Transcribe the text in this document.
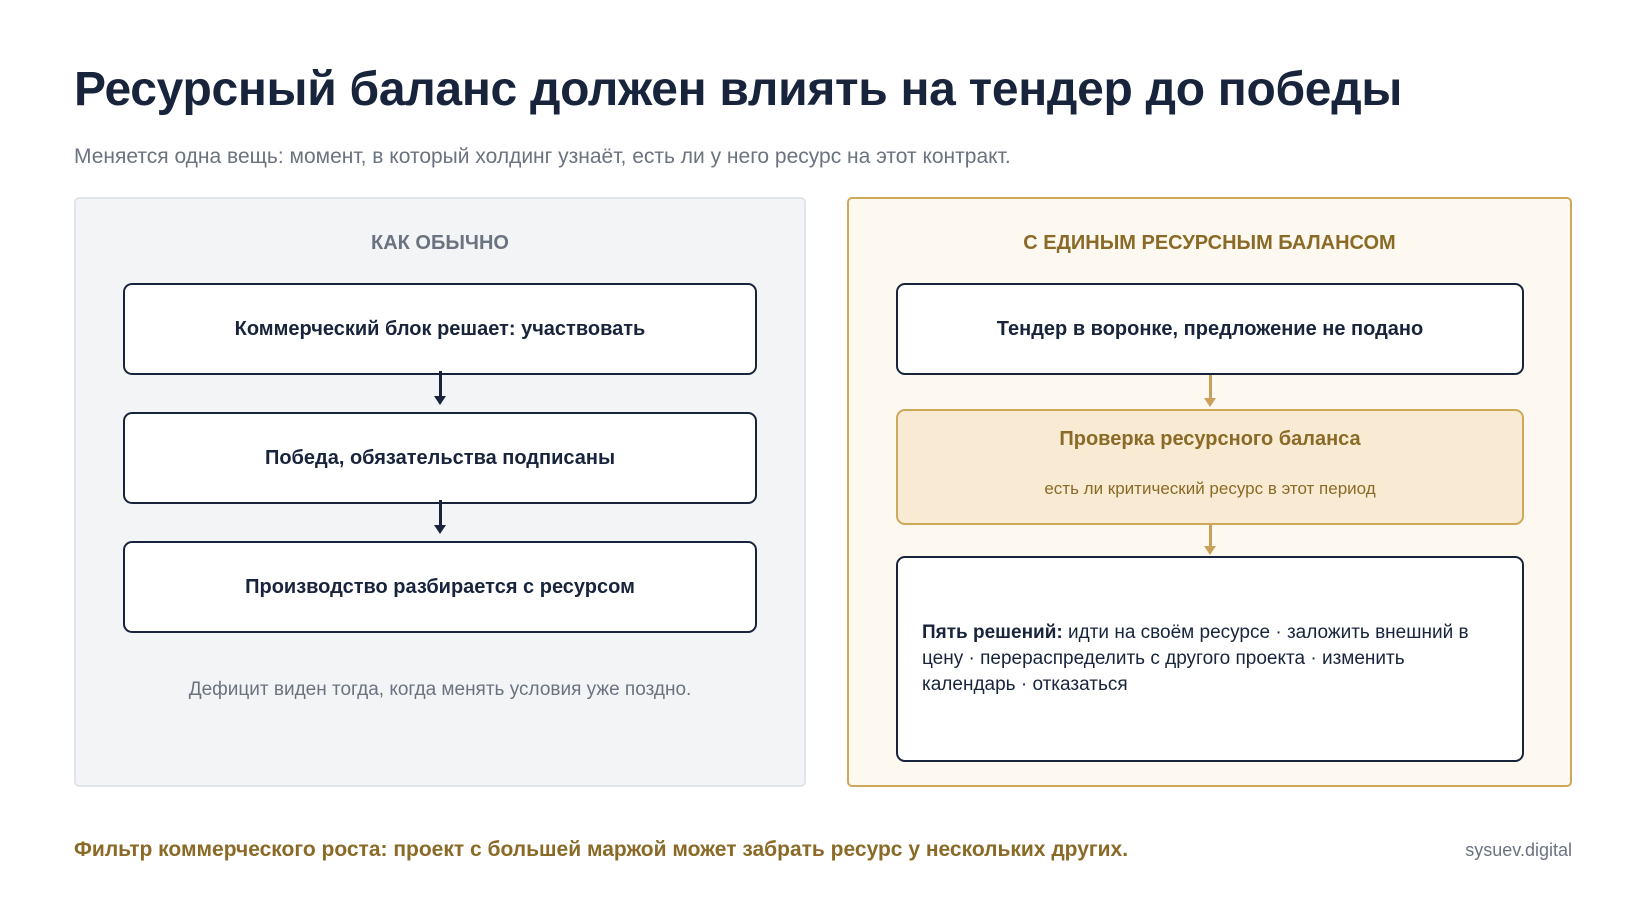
Ресурсный баланс должен влиять на тендер до победы
Меняется одна вещь: момент, в который холдинг узнаёт, есть ли у него ресурс на этот контракт.
КАК ОБЫЧНО
Коммерческий блок решает: участвовать
Победа, обязательства подписаны
Производство разбирается с ресурсом
Дефицит виден тогда, когда менять условия уже поздно.
С ЕДИНЫМ РЕСУРСНЫМ БАЛАНСОМ
Тендер в воронке, предложение не подано
Проверка ресурсного баланса
есть ли критический ресурс в этот период
Пять решений: идти на своём ресурсе · заложить внешний в цену · перераспределить с другого проекта · изменить календарь · отказаться
Фильтр коммерческого роста: проект с большей маржой может забрать ресурс у нескольких других.	sysuev.digital
